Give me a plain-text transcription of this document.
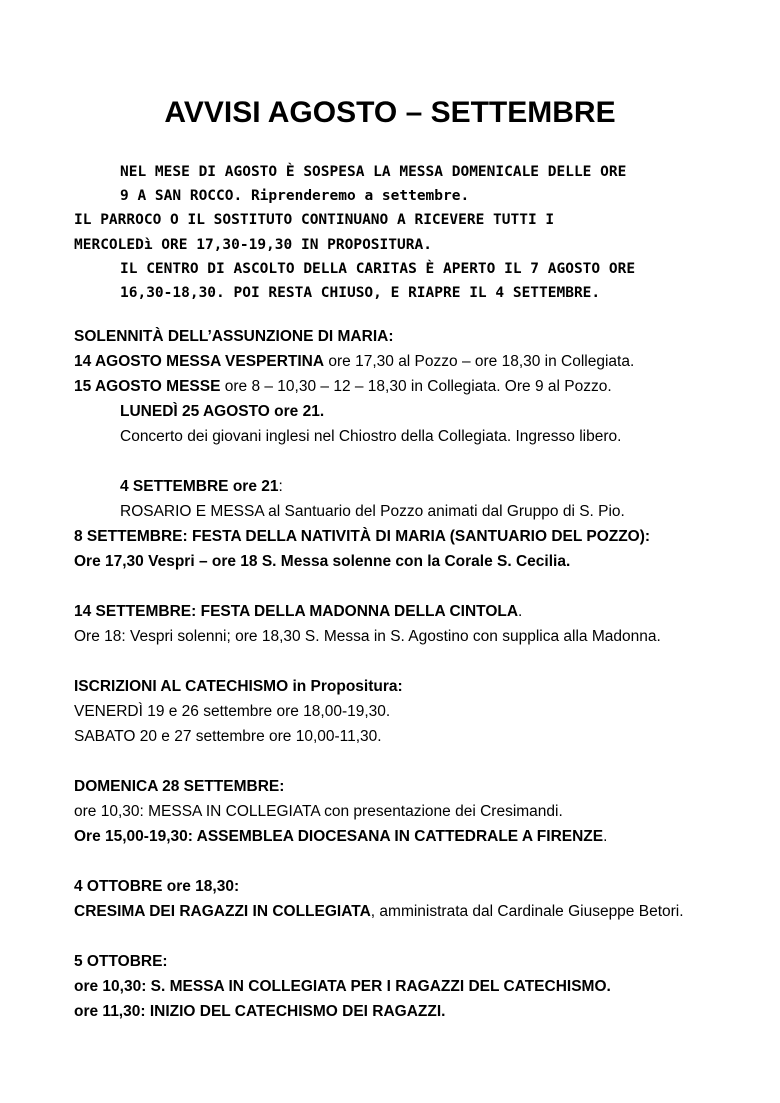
AVVISI AGOSTO – SETTEMBRE
NEL MESE DI AGOSTO È SOSPESA LA MESSA DOMENICALE DELLE ORE
9 A SAN ROCCO. Riprenderemo a settembre.
IL PARROCO O IL SOSTITUTO CONTINUANO A RICEVERE TUTTI I
MERCOLEDì ORE 17,30-19,30 IN PROPOSITURA.
IL CENTRO DI ASCOLTO DELLA CARITAS È APERTO IL 7 AGOSTO ORE
16,30-18,30. POI RESTA CHIUSO, E RIAPRE IL 4 SETTEMBRE.
SOLENNITÀ DELL’ASSUNZIONE DI MARIA:
14 AGOSTO MESSA VESPERTINA ore 17,30 al Pozzo – ore 18,30 in Collegiata.
15 AGOSTO MESSE ore 8 – 10,30 – 12 – 18,30 in Collegiata. Ore 9 al Pozzo.
LUNEDÌ 25 AGOSTO ore 21.
Concerto dei giovani inglesi nel Chiostro della Collegiata. Ingresso libero.
4 SETTEMBRE ore 21:
ROSARIO E MESSA al Santuario del Pozzo animati dal Gruppo di S. Pio.
8 SETTEMBRE: FESTA DELLA NATIVITÀ DI MARIA (SANTUARIO DEL POZZO):
Ore 17,30 Vespri – ore 18 S. Messa solenne con la Corale S. Cecilia.
14 SETTEMBRE: FESTA DELLA MADONNA DELLA CINTOLA.
Ore 18: Vespri solenni; ore 18,30 S. Messa in S. Agostino con supplica alla Madonna.
ISCRIZIONI AL CATECHISMO in Propositura:
VENERDÌ 19 e 26 settembre ore 18,00-19,30.
SABATO 20 e 27 settembre ore 10,00-11,30.
DOMENICA 28 SETTEMBRE:
ore 10,30: MESSA IN COLLEGIATA con presentazione dei Cresimandi.
Ore 15,00-19,30: ASSEMBLEA DIOCESANA IN CATTEDRALE A FIRENZE.
4 OTTOBRE ore 18,30:
CRESIMA DEI RAGAZZI IN COLLEGIATA, amministrata dal Cardinale Giuseppe Betori.
5 OTTOBRE:
ore 10,30: S. MESSA IN COLLEGIATA PER I RAGAZZI DEL CATECHISMO.
ore 11,30: INIZIO DEL CATECHISMO DEI RAGAZZI.
